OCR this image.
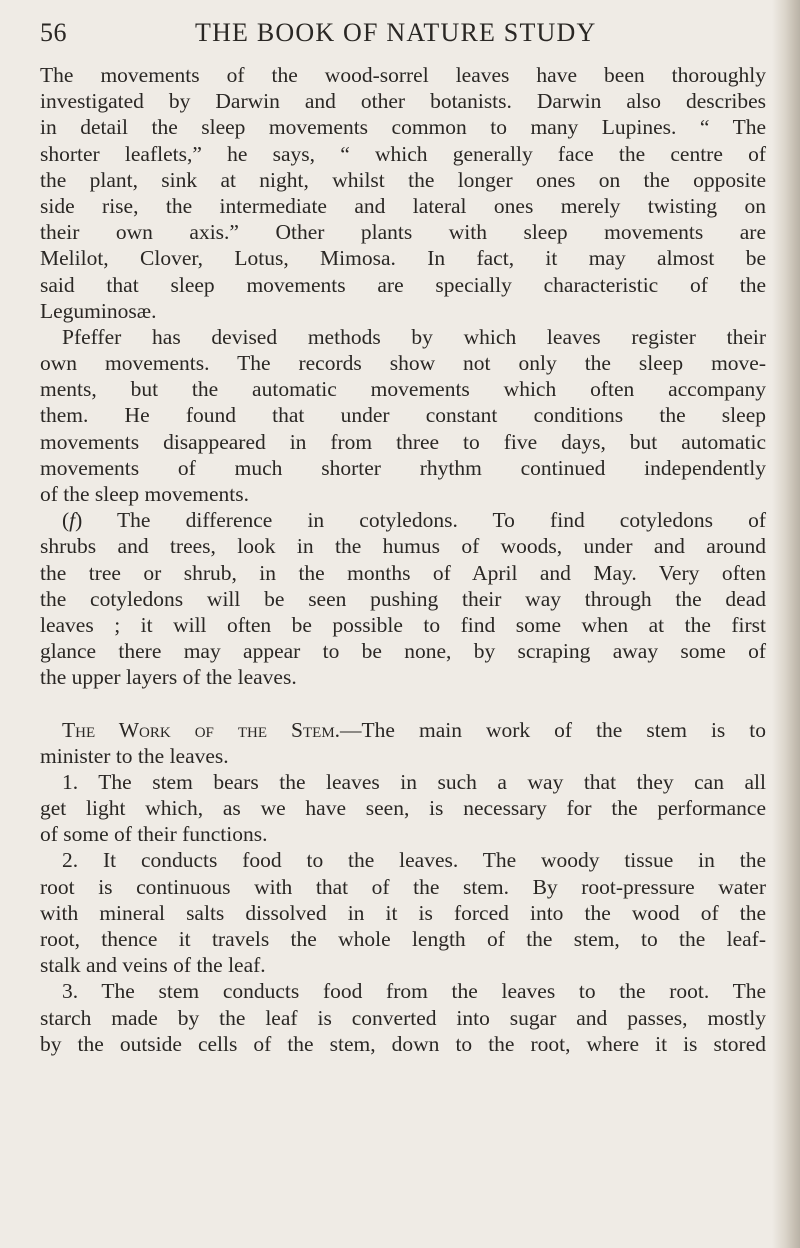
56	THE BOOK OF NATURE STUDY
The movements of the wood-sorrel leaves have been thoroughly
investigated by Darwin and other botanists. Darwin also describes
in detail the sleep movements common to many Lupines. “ The
shorter leaflets,” he says, “ which generally face the centre of
the plant, sink at night, whilst the longer ones on the opposite
side rise, the intermediate and lateral ones merely twisting on
their own axis.” Other plants with sleep movements are
Melilot, Clover, Lotus, Mimosa. In fact, it may almost be
said that sleep movements are specially characteristic of the
Leguminosæ.
Pfeffer has devised methods by which leaves register their
own movements. The records show not only the sleep move-
ments, but the automatic movements which often accompany
them. He found that under constant conditions the sleep
movements disappeared in from three to five days, but automatic
movements of much shorter rhythm continued independently
of the sleep movements.
(f) The difference in cotyledons. To find cotyledons of
shrubs and trees, look in the humus of woods, under and around
the tree or shrub, in the months of April and May. Very often
the cotyledons will be seen pushing their way through the dead
leaves ; it will often be possible to find some when at the first
glance there may appear to be none, by scraping away some of
the upper layers of the leaves.
The Work of the Stem.—The main work of the stem is to
minister to the leaves.
1. The stem bears the leaves in such a way that they can all
get light which, as we have seen, is necessary for the performance
of some of their functions.
2. It conducts food to the leaves. The woody tissue in the
root is continuous with that of the stem. By root-pressure water
with mineral salts dissolved in it is forced into the wood of the
root, thence it travels the whole length of the stem, to the leaf-
stalk and veins of the leaf.
3. The stem conducts food from the leaves to the root. The
starch made by the leaf is converted into sugar and passes, mostly
by the outside cells of the stem, down to the root, where it is stored
